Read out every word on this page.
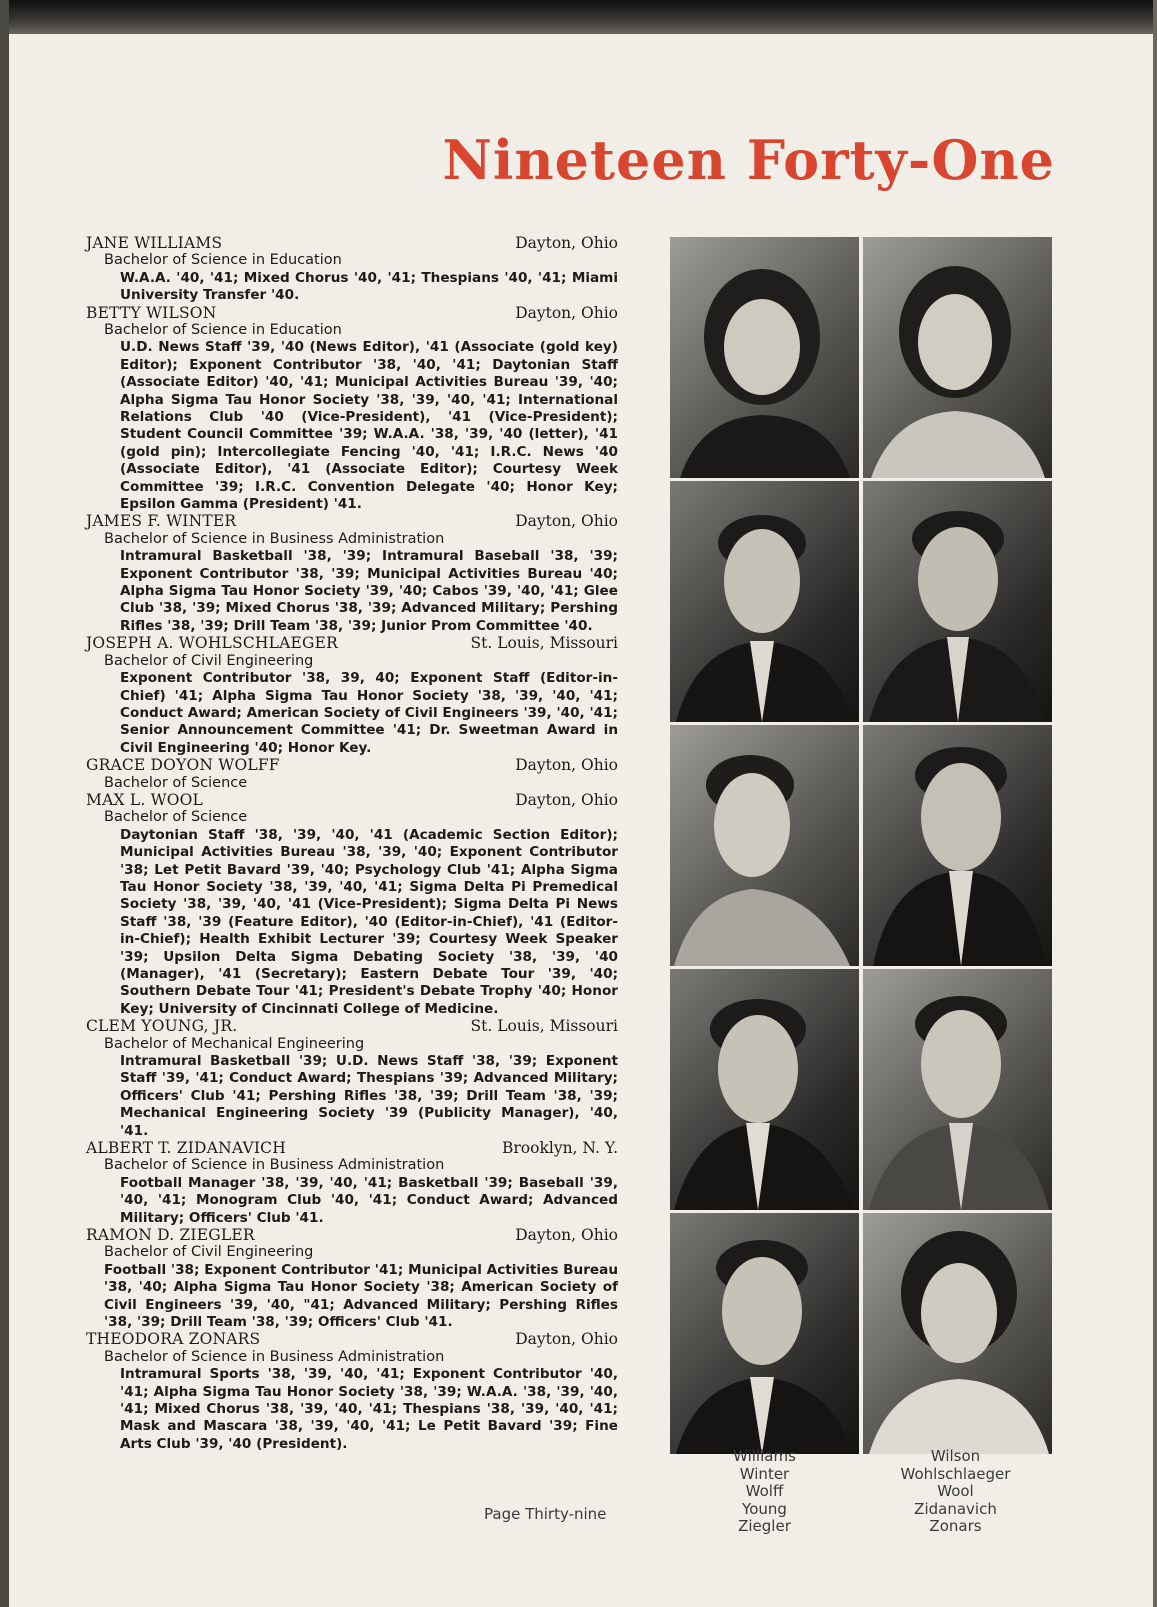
Nineteen Forty-One
JANE WILLIAMS	Dayton, Ohio
Bachelor of Science in Education
W.A.A. '40, '41; Mixed Chorus '40, '41; Thespians '40, '41; Miami University Transfer '40.
BETTY WILSON	Dayton, Ohio
Bachelor of Science in Education
U.D. News Staff '39, '40 (News Editor), '41 (Associate (gold key) Editor); Exponent Contributor '38, '40, '41; Daytonian Staff (Associate Editor) '40, '41; Municipal Activities Bureau '39, '40; Alpha Sigma Tau Honor Society '38, '39, '40, '41; International Relations Club '40 (Vice-President), '41 (Vice-President); Student Council Committee '39; W.A.A. '38, '39, '40 (letter), '41 (gold pin); Intercollegiate Fencing '40, '41; I.R.C. News '40 (Associate Editor), '41 (Associate Editor); Courtesy Week Committee '39; I.R.C. Convention Delegate '40; Honor Key; Epsilon Gamma (President) '41.
JAMES F. WINTER	Dayton, Ohio
Bachelor of Science in Business Administration
Intramural Basketball '38, '39; Intramural Baseball '38, '39; Exponent Contributor '38, '39; Municipal Activities Bureau '40; Alpha Sigma Tau Honor Society '39, '40; Cabos '39, '40, '41; Glee Club '38, '39; Mixed Chorus '38, '39; Advanced Military; Pershing Rifles '38, '39; Drill Team '38, '39; Junior Prom Committee '40.
JOSEPH A. WOHLSCHLAEGER	St. Louis, Missouri
Bachelor of Civil Engineering
Exponent Contributor '38, 39, 40; Exponent Staff (Editor-in-Chief) '41; Alpha Sigma Tau Honor Society '38, '39, '40, '41; Conduct Award; American Society of Civil Engineers '39, '40, '41; Senior Announcement Committee '41; Dr. Sweetman Award in Civil Engineering '40; Honor Key.
GRACE DOYON WOLFF	Dayton, Ohio
Bachelor of Science
MAX L. WOOL	Dayton, Ohio
Bachelor of Science
Daytonian Staff '38, '39, '40, '41 (Academic Section Editor); Municipal Activities Bureau '38, '39, '40; Exponent Contributor '38; Let Petit Bavard '39, '40; Psychology Club '41; Alpha Sigma Tau Honor Society '38, '39, '40, '41; Sigma Delta Pi Premedical Society '38, '39, '40, '41 (Vice-President); Sigma Delta Pi News Staff '38, '39 (Feature Editor), '40 (Editor-in-Chief), '41 (Editor-in-Chief); Health Exhibit Lecturer '39; Courtesy Week Speaker '39; Upsilon Delta Sigma Debating Society '38, '39, '40 (Manager), '41 (Secretary); Eastern Debate Tour '39, '40; Southern Debate Tour '41; President's Debate Trophy '40; Honor Key; University of Cincinnati College of Medicine.
CLEM YOUNG, JR.	St. Louis, Missouri
Bachelor of Mechanical Engineering
Intramural Basketball '39; U.D. News Staff '38, '39; Exponent Staff '39, '41; Conduct Award; Thespians '39; Advanced Military; Officers' Club '41; Pershing Rifles '38, '39; Drill Team '38, '39; Mechanical Engineering Society '39 (Publicity Manager), '40, '41.
ALBERT T. ZIDANAVICH	Brooklyn, N. Y.
Bachelor of Science in Business Administration
Football Manager '38, '39, '40, '41; Basketball '39; Baseball '39, '40, '41; Monogram Club '40, '41; Conduct Award; Advanced Military; Officers' Club '41.
RAMON D. ZIEGLER	Dayton, Ohio
Bachelor of Civil Engineering
Football '38; Exponent Contributor '41; Municipal Activities Bureau '38, '40; Alpha Sigma Tau Honor Society '38; American Society of Civil Engineers '39, '40, "41; Advanced Military; Pershing Rifles '38, '39; Drill Team '38, '39; Officers' Club '41.
THEODORA ZONARS	Dayton, Ohio
Bachelor of Science in Business Administration
Intramural Sports '38, '39, '40, '41; Exponent Contributor '40, '41; Alpha Sigma Tau Honor Society '38, '39; W.A.A. '38, '39, '40, '41; Mixed Chorus '38, '39, '40, '41; Thespians '38, '39, '40, '41; Mask and Mascara '38, '39, '40, '41; Le Petit Bavard '39; Fine Arts Club '39, '40 (President).
Page Thirty-nine
Williams
Winter
Wolff
Young
Ziegler
Wilson
Wohlschlaeger
Wool
Zidanavich
Zonars
